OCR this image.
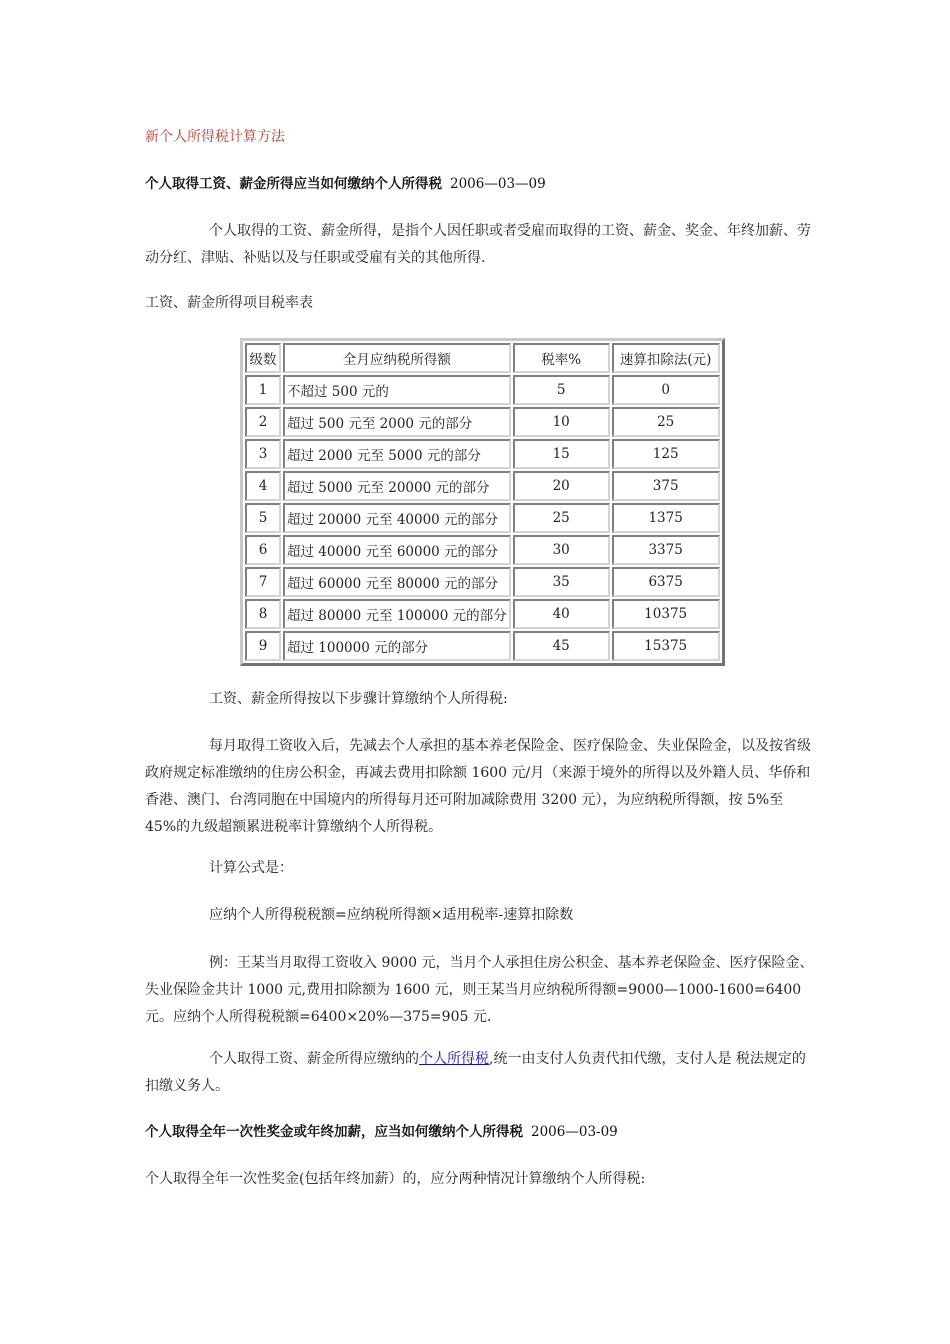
新个人所得税计算方法
个人取得工资、薪金所得应当如何缴纳个人所得税 2006—03—09
个人取得的工资、薪金所得，是指个人因任职或者受雇而取得的工资、薪金、奖金、年终加薪、劳动分红、津贴、补贴以及与任职或受雇有关的其他所得.
工资、薪金所得项目税率表
级数	全月应纳税所得额	税率%	速算扣除法(元)
1	不超过 500 元的	5	0
2	超过 500 元至 2000 元的部分	10	25
3	超过 2000 元至 5000 元的部分	15	125
4	超过 5000 元至 20000 元的部分	20	375
5	超过 20000 元至 40000 元的部分	25	1375
6	超过 40000 元至 60000 元的部分	30	3375
7	超过 60000 元至 80000 元的部分	35	6375
8	超过 80000 元至 100000 元的部分	40	10375
9	超过 100000 元的部分	45	15375
工资、薪金所得按以下步骤计算缴纳个人所得税:
每月取得工资收入后，先减去个人承担的基本养老保险金、医疗保险金、失业保险金，以及按省级政府规定标准缴纳的住房公积金，再减去费用扣除额 1600 元/月（来源于境外的所得以及外籍人员、华侨和香港、澳门、台湾同胞在中国境内的所得每月还可附加减除费用 3200 元），为应纳税所得额，按 5%至 45%的九级超额累进税率计算缴纳个人所得税。
计算公式是：
应纳个人所得税税额=应纳税所得额×适用税率-速算扣除数
例：王某当月取得工资收入 9000 元，当月个人承担住房公积金、基本养老保险金、医疗保险金、失业保险金共计 1000 元,费用扣除额为 1600 元，则王某当月应纳税所得额=9000—1000-1600=6400 元。应纳个人所得税税额=6400×20%—375=905 元.
个人取得工资、薪金所得应缴纳的个人所得税,统一由支付人负责代扣代缴，支付人是 税法规定的扣缴义务人。
个人取得全年一次性奖金或年终加薪，应当如何缴纳个人所得税 2006—03-09
个人取得全年一次性奖金(包括年终加薪）的，应分两种情况计算缴纳个人所得税:
